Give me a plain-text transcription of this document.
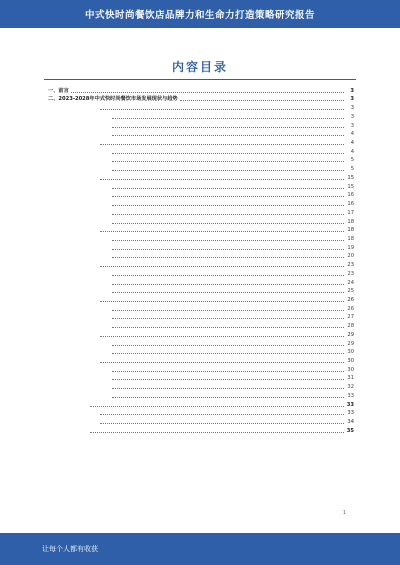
中式快时尚餐饮店品牌力和生命力打造策略研究报告
内容目录
一、前言	3
二、2023-2028年中式快时尚餐饮市场发展现状与趋势	3
3
3
3
4
4
4
5
5
15
15
16
16
17
18
18
18
19
20
23
23
24
25
26
26
27
28
29
29
30
30
30
31
32
33
33
33
34
35
1
让每个人都有收获
